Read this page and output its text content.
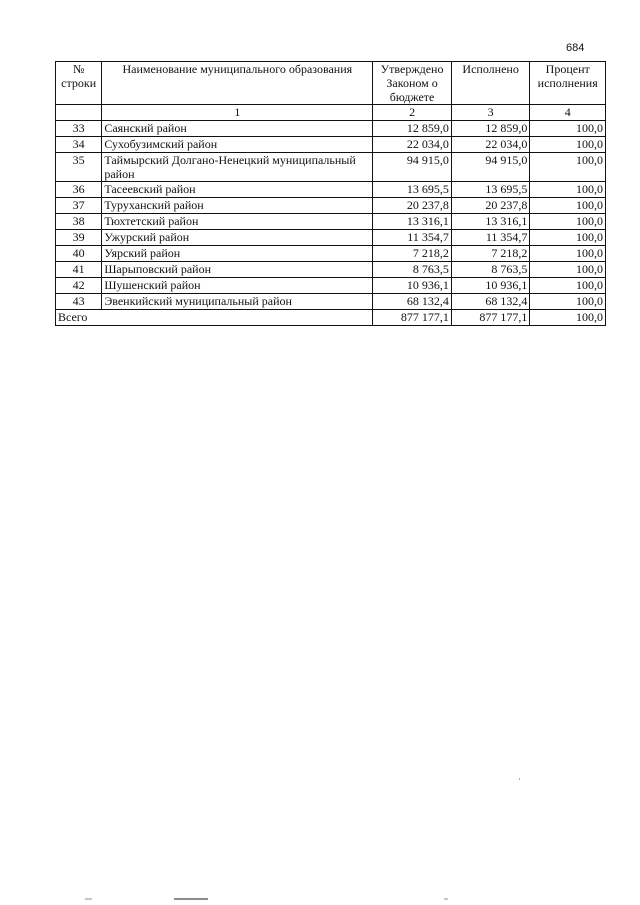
684
№ строки	Наименование муниципального образования	Утверждено Законом о бюджете	Исполнено	Процент исполнения
	1	2	3	4
33	Саянский район	12 859,0	12 859,0	100,0
34	Сухобузимский район	22 034,0	22 034,0	100,0
35	Таймырский Долгано-Ненецкий муниципальный район	94 915,0	94 915,0	100,0
36	Тасеевский район	13 695,5	13 695,5	100,0
37	Туруханский район	20 237,8	20 237,8	100,0
38	Тюхтетский район	13 316,1	13 316,1	100,0
39	Ужурский район	11 354,7	11 354,7	100,0
40	Уярский район	7 218,2	7 218,2	100,0
41	Шарыповский район	8 763,5	8 763,5	100,0
42	Шушенский район	10 936,1	10 936,1	100,0
43	Эвенкийский муниципальный район	68 132,4	68 132,4	100,0
Всего		877 177,1	877 177,1	100,0
